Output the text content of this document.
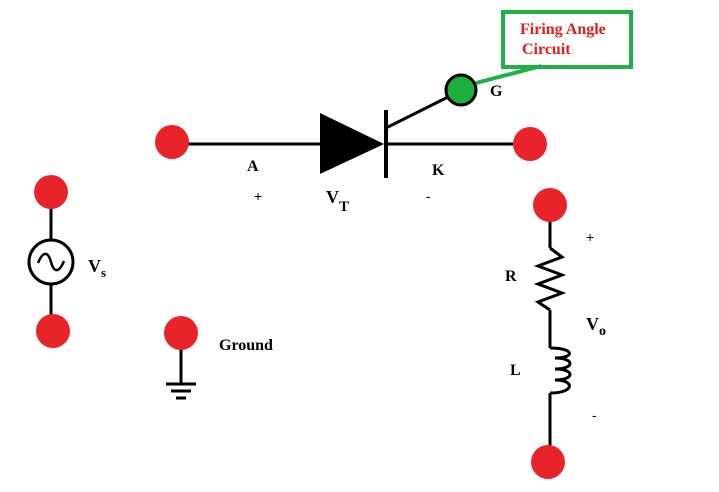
Firing Angle
Circuit
G
A
+
K
-
$V_T$
$V_s$
Ground
R
L
+
-
$V_o$
